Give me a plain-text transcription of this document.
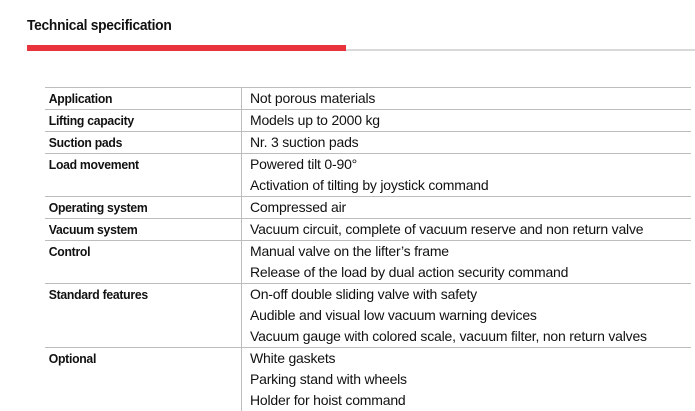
Technical specification
Application	Not porous materials
Lifting capacity	Models up to 2000 kg
Suction pads	Nr. 3 suction pads
Load movement	Powered tilt 0-90°
Activation of tilting by joystick command
Operating system	Compressed air
Vacuum system	Vacuum circuit, complete of vacuum reserve and non return valve
Control	Manual valve on the lifter’s frame
Release of the load by dual action security command
Standard features	On-off double sliding valve with safety
Audible and visual low vacuum warning devices
Vacuum gauge with colored scale, vacuum filter, non return valves
Optional	White gaskets
Parking stand with wheels
Holder for hoist command
